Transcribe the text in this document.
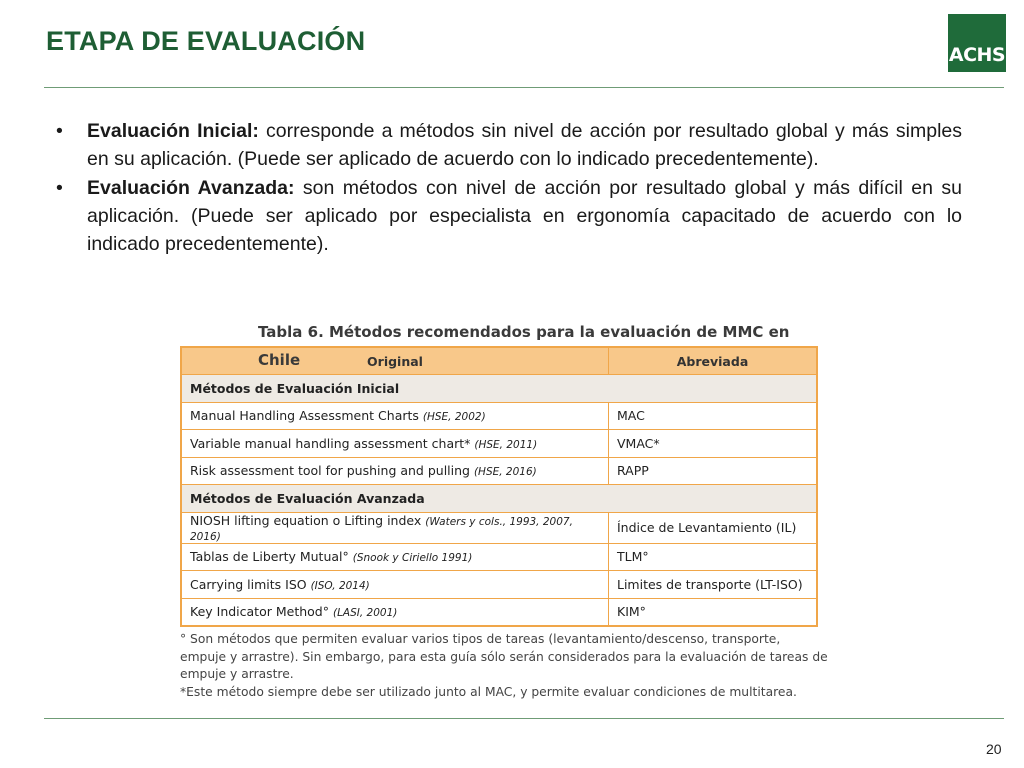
ETAPA DE EVALUACIÓN	ACHS
• Evaluación Inicial: corresponde a métodos sin nivel de acción por resultado global y más simples en su aplicación. (Puede ser aplicado de acuerdo con lo indicado precedentemente).
• Evaluación Avanzada: son métodos con nivel de acción por resultado global y más difícil en su aplicación. (Puede ser aplicado por especialista en ergonomía capacitado de acuerdo con lo indicado precedentemente).
Tabla 6. Métodos recomendados para la evaluación de MMC en Chile	Original	Abreviada
Métodos de Evaluación Inicial	
Manual Handling Assessment Charts (HSE, 2002)	MAC
Variable manual handling assessment chart* (HSE, 2011)	VMAC*
Risk assessment tool for pushing and pulling (HSE, 2016)	RAPP
Métodos de Evaluación Avanzada	
NIOSH lifting equation o Lifting index (Waters y cols., 1993, 2007, 2016)	Índice de Levantamiento (IL)
Tablas de Liberty Mutual° (Snook y Ciriello 1991)	TLM°
Carrying limits ISO (ISO, 2014)	Limites de transporte (LT-ISO)
Key Indicator Method° (LASI, 2001)	KIM°
° Son métodos que permiten evaluar varios tipos de tareas (levantamiento/descenso, transporte, empuje y arrastre). Sin embargo, para esta guía sólo serán considerados para la evaluación de tareas de empuje y arrastre.
*Este método siempre debe ser utilizado junto al MAC, y permite evaluar condiciones de multitarea.
20
